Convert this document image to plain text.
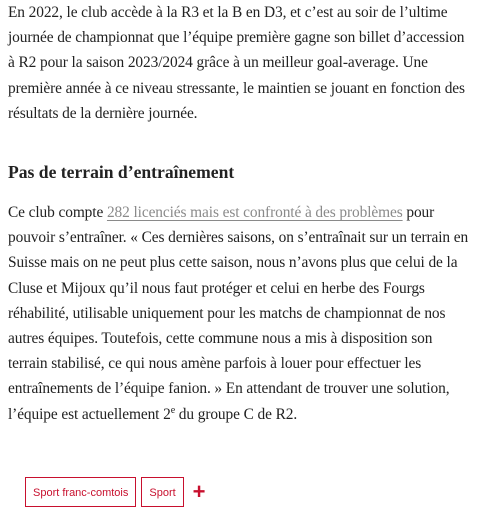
En 2022, le club accède à la R3 et la B en D3, et c’est au soir de l’ultime journée de championnat que l’équipe première gagne son billet d’accession à R2 pour la saison 2023/2024 grâce à un meilleur goal-average. Une première année à ce niveau stressante, le maintien se jouant en fonction des résultats de la dernière journée.

Pas de terrain d’entraînement

Ce club compte 282 licenciés mais est confronté à des problèmes pour pouvoir s’entraîner. « Ces dernières saisons, on s’entraînait sur un terrain en Suisse mais on ne peut plus cette saison, nous n’avons plus que celui de la Cluse et Mijoux qu’il nous faut protéger et celui en herbe des Fourgs réhabilité, utilisable uniquement pour les matchs de championnat de nos autres équipes. Toutefois, cette commune nous a mis à disposition son terrain stabilisé, ce qui nous amène parfois à louer pour effectuer les entraînements de l’équipe fanion. » En attendant de trouver une solution, l’équipe est actuellement 2e du groupe C de R2.

Sport franc-comtois	Sport +
